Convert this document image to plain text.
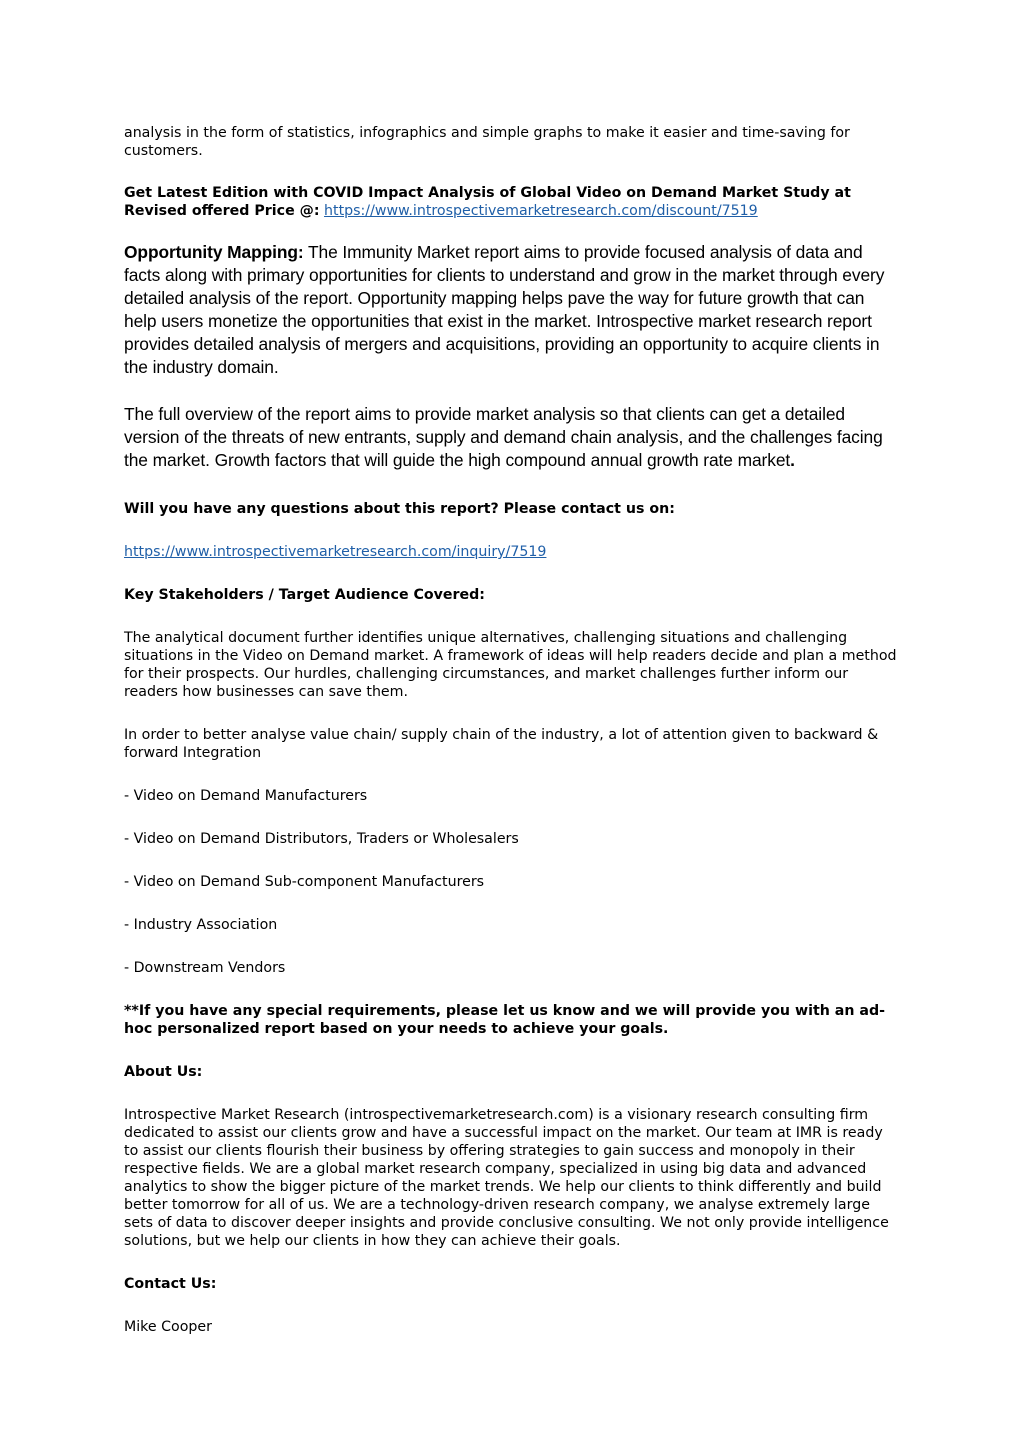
analysis in the form of statistics, infographics and simple graphs to make it easier and time-saving for customers.

Get Latest Edition with COVID Impact Analysis of Global Video on Demand Market Study at Revised offered Price @: https://www.introspectivemarketresearch.com/discount/7519

Opportunity Mapping: The Immunity Market report aims to provide focused analysis of data and facts along with primary opportunities for clients to understand and grow in the market through every detailed analysis of the report. Opportunity mapping helps pave the way for future growth that can help users monetize the opportunities that exist in the market. Introspective market research report provides detailed analysis of mergers and acquisitions, providing an opportunity to acquire clients in the industry domain.

The full overview of the report aims to provide market analysis so that clients can get a detailed version of the threats of new entrants, supply and demand chain analysis, and the challenges facing the market. Growth factors that will guide the high compound annual growth rate market.

Will you have any questions about this report? Please contact us on:

https://www.introspectivemarketresearch.com/inquiry/7519

Key Stakeholders / Target Audience Covered:

The analytical document further identifies unique alternatives, challenging situations and challenging situations in the Video on Demand market. A framework of ideas will help readers decide and plan a method for their prospects. Our hurdles, challenging circumstances, and market challenges further inform our readers how businesses can save them.

In order to better analyse value chain/ supply chain of the industry, a lot of attention given to backward & forward Integration

- Video on Demand Manufacturers

- Video on Demand Distributors, Traders or Wholesalers

- Video on Demand Sub-component Manufacturers

- Industry Association

- Downstream Vendors

**If you have any special requirements, please let us know and we will provide you with an ad-hoc personalized report based on your needs to achieve your goals.

About Us:

Introspective Market Research (introspectivemarketresearch.com) is a visionary research consulting firm dedicated to assist our clients grow and have a successful impact on the market. Our team at IMR is ready to assist our clients flourish their business by offering strategies to gain success and monopoly in their respective fields. We are a global market research company, specialized in using big data and advanced analytics to show the bigger picture of the market trends. We help our clients to think differently and build better tomorrow for all of us. We are a technology-driven research company, we analyse extremely large sets of data to discover deeper insights and provide conclusive consulting. We not only provide intelligence solutions, but we help our clients in how they can achieve their goals.

Contact Us:

Mike Cooper
